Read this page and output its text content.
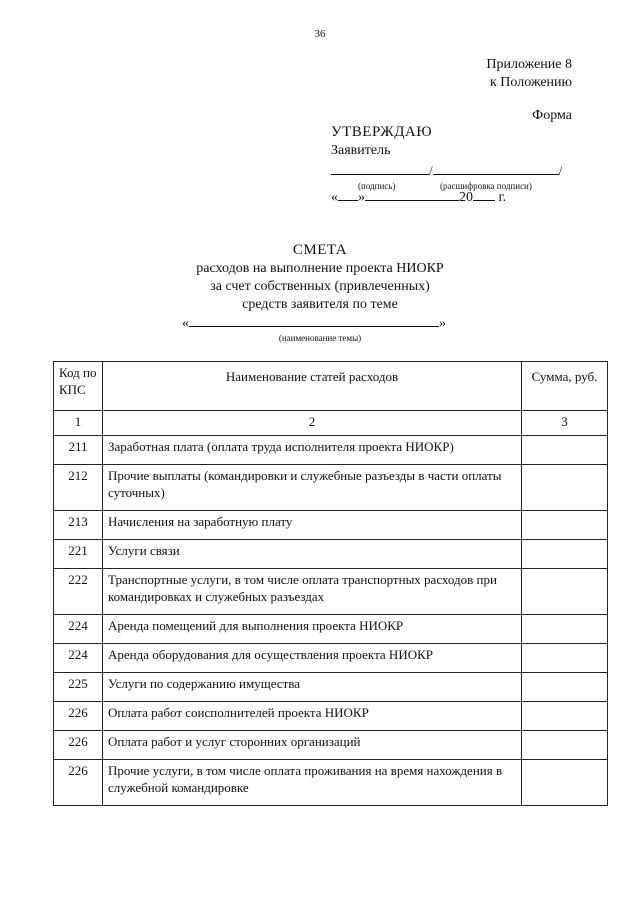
36
Приложение 8
к Положению
Форма
УТВЕРЖДАЮ
Заявитель
/	/
(подпись)	(расшифровка подписи)
« »	20 г.
СМЕТА
расходов на выполнение проекта НИОКР
за счет собственных (привлеченных)
средств заявителя по теме
«	»
(наименование темы)
Код по КПС	Наименование статей расходов	Сумма, руб.
1	2	3
211	Заработная плата (оплата труда исполнителя проекта НИОКР)	
212	Прочие выплаты (командировки и служебные разъезды в части оплаты суточных)	
213	Начисления на заработную плату	
221	Услуги связи	
222	Транспортные услуги, в том числе оплата транспортных расходов при командировках и служебных разъездах	
224	Аренда помещений для выполнения проекта НИОКР	
224	Аренда оборудования для осуществления проекта НИОКР	
225	Услуги по содержанию имущества	
226	Оплата работ соисполнителей проекта НИОКР	
226	Оплата работ и услуг сторонних организаций	
226	Прочие услуги, в том числе оплата проживания на время нахождения в служебной командировке	
